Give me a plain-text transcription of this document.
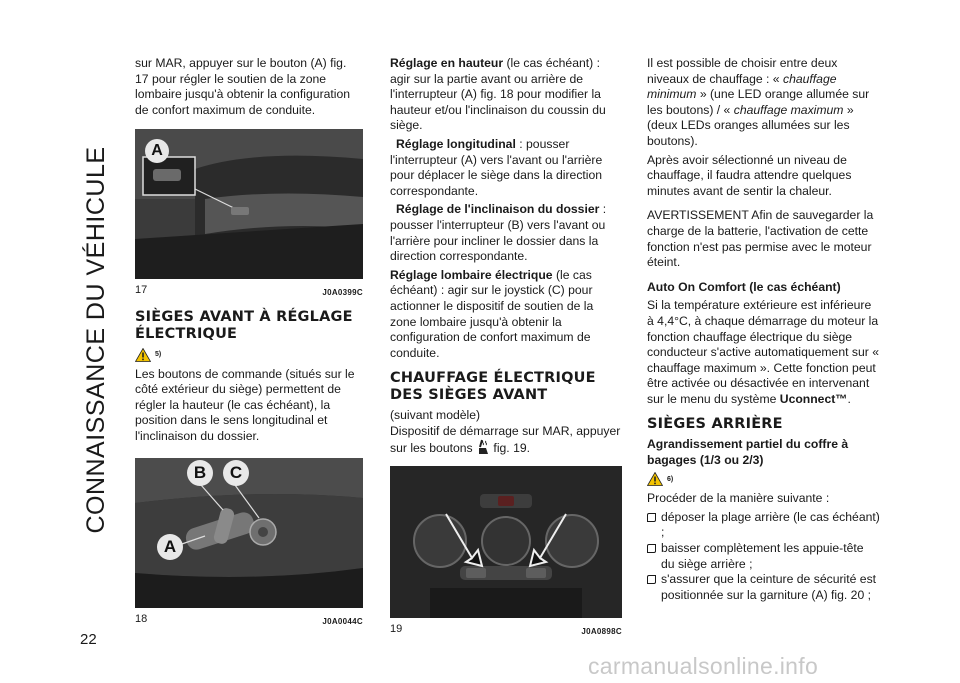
CONNAISSANCE DU VÉHICULE
22

sur MAR, appuyer sur le bouton (A) fig. 17 pour régler le soutien de la zone lombaire jusqu'à obtenir la configuration de confort maximum de conduite.

A
17	J0A0399C
SIÈGES AVANT À RÉGLAGE ÉLECTRIQUE
5)

Les boutons de commande (situés sur le côté extérieur du siège) permettent de régler la hauteur (le cas échéant), la position dans le sens longitudinal et l'inclinaison du dossier.

B	C
A
18	J0A0044C

Réglage en hauteur (le cas échéant) : agir sur la partie avant ou arrière de l'interrupteur (A) fig. 18 pour modifier la hauteur et/ou l'inclinaison du coussin du siège.

Réglage longitudinal : pousser l'interrupteur (A) vers l'avant ou l'arrière pour déplacer le siège dans la direction correspondante.

Réglage de l'inclinaison du dossier : pousser l'interrupteur (B) vers l'avant ou l'arrière pour incliner le dossier dans la direction correspondante.

Réglage lombaire électrique (le cas échéant) : agir sur le joystick (C) pour actionner le dispositif de soutien de la zone lombaire jusqu'à obtenir la configuration de confort maximum de conduite.

CHAUFFAGE ÉLECTRIQUE DES SIÈGES AVANT

(suivant modèle)

Dispositif de démarrage sur MAR, appuyer sur les boutons  fig. 19.

19	J0A0898C

Il est possible de choisir entre deux niveaux de chauffage : « chauffage minimum » (une LED orange allumée sur les boutons) / « chauffage maximum » (deux LEDs oranges allumées sur les boutons).

Après avoir sélectionné un niveau de chauffage, il faudra attendre quelques minutes avant de sentir la chaleur.

AVERTISSEMENT Afin de sauvegarder la charge de la batterie, l'activation de cette fonction n'est pas permise avec le moteur éteint.

Auto On Comfort (le cas échéant)

Si la température extérieure est inférieure à 4,4°C, à chaque démarrage du moteur la fonction chauffage électrique du siège conducteur s'active automatiquement sur « chauffage maximum ». Cette fonction peut être activée ou désactivée en intervenant sur le menu du système Uconnect™.

SIÈGES ARRIÈRE

Agrandissement partiel du coffre à bagages (1/3 ou 2/3)

6)

Procéder de la manière suivante :

déposer la plage arrière (le cas échéant) ;
baisser complètement les appuie-tête du siège arrière ;
s'assurer que la ceinture de sécurité est positionnée sur la garniture (A) fig. 20 ;
carmanualsonline.info
